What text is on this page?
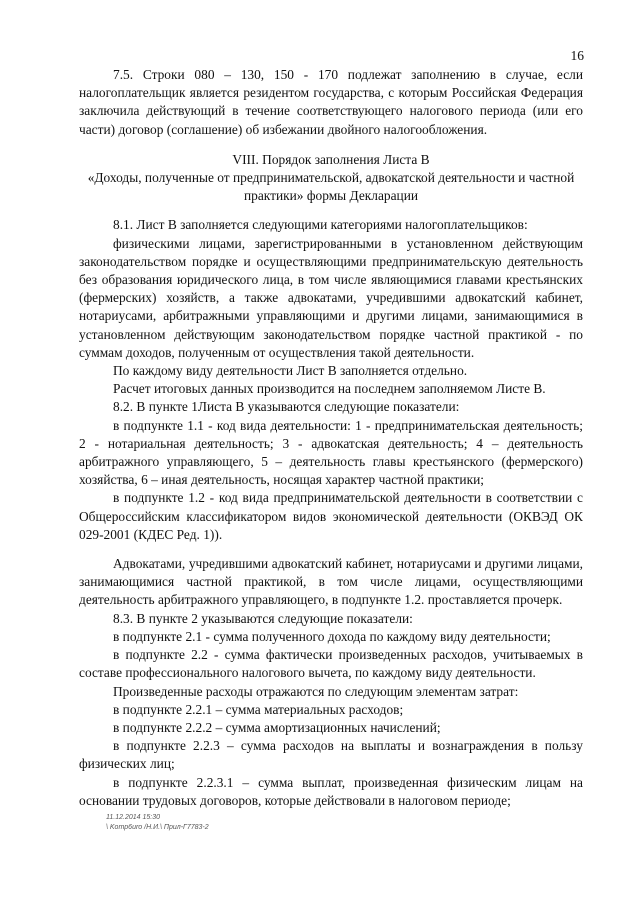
16

7.5. Строки 080 – 130, 150 - 170 подлежат заполнению в случае, если налогоплательщик является резидентом государства, с которым Российская Федерация заключила действующий в течение соответствующего налогового периода (или его части) договор (соглашение) об избежании двойного налогообложения.

VIII. Порядок заполнения Листа В

«Доходы, полученные от предпринимательской, адвокатской деятельности и частной практики» формы Декларации

8.1. Лист В заполняется следующими категориями налогоплательщиков:

физическими лицами, зарегистрированными в установленном действующим законодательством порядке и осуществляющими предпринимательскую деятельность без образования юридического лица, в том числе являющимися главами крестьянских (фермерских) хозяйств, а также адвокатами, учредившими адвокатский кабинет, нотариусами, арбитражными управляющими и другими лицами, занимающимися в установленном действующим законодательством порядке частной практикой - по суммам доходов, полученным от осуществления такой деятельности.

По каждому виду деятельности Лист В заполняется отдельно.

Расчет итоговых данных производится на последнем заполняемом Листе В.

8.2. В пункте 1Листа В указываются следующие показатели:

в подпункте 1.1 - код вида деятельности: 1 - предпринимательская деятельность; 2 - нотариальная деятельность; 3 - адвокатская деятельность; 4 – деятельность арбитражного управляющего, 5 – деятельность главы крестьянского (фермерского) хозяйства, 6 – иная деятельность, носящая характер частной практики;

в подпункте 1.2 - код вида предпринимательской деятельности в соответствии с Общероссийским классификатором видов экономической деятельности (ОКВЭД ОК 029-2001 (КДЕС Ред. 1)).

Адвокатами, учредившими адвокатский кабинет, нотариусами и другими лицами, занимающимися частной практикой, в том числе лицами, осуществляющими деятельность арбитражного управляющего, в подпункте 1.2. проставляется прочерк.

8.3. В пункте 2 указываются следующие показатели:

в подпункте 2.1 - сумма полученного дохода по каждому виду деятельности;

в подпункте 2.2 - сумма фактически произведенных расходов, учитываемых в составе профессионального налогового вычета, по каждому виду деятельности.

Произведенные расходы отражаются по следующим элементам затрат:

в подпункте 2.2.1 – сумма материальных расходов;

в подпункте 2.2.2 – сумма амортизационных начислений;

в подпункте 2.2.3 – сумма расходов на выплаты и вознаграждения в пользу физических лиц;

в подпункте 2.2.3.1 – сумма выплат, произведенная физическим лицам на основании трудовых договоров, которые действовали в налоговом периоде;

11.12.2014 15:30
\ Komp6uro /Н.И.\ Прил-Г7783-2
